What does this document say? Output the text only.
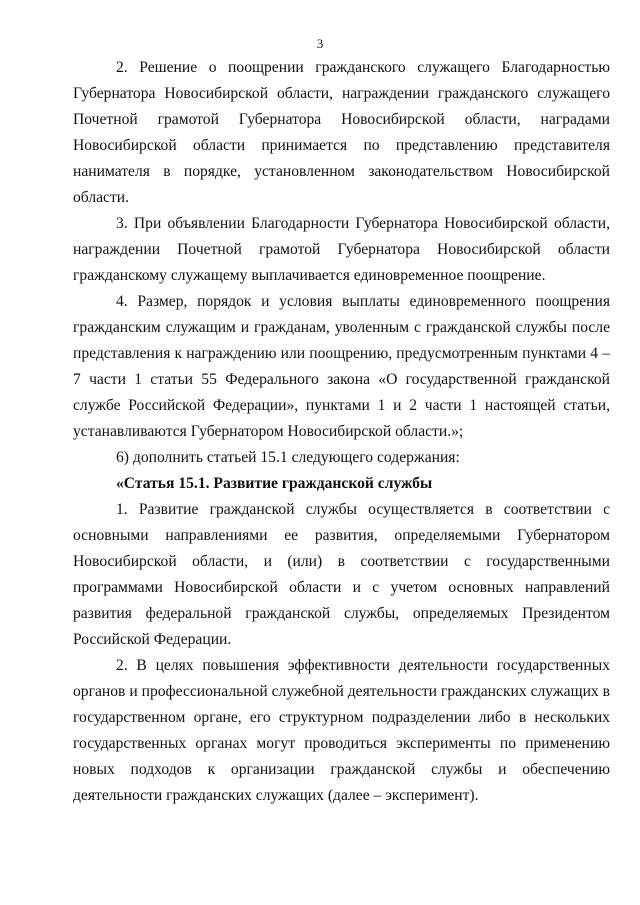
3

2. Решение о поощрении гражданского служащего Благодарностью Губернатора Новосибирской области, награждении гражданского служащего Почетной грамотой Губернатора Новосибирской области, наградами Новосибирской области принимается по представлению представителя нанимателя в порядке, установленном законодательством Новосибирской области.

3. При объявлении Благодарности Губернатора Новосибирской области, награждении Почетной грамотой Губернатора Новосибирской области гражданскому служащему выплачивается единовременное поощрение.

4. Размер, порядок и условия выплаты единовременного поощрения гражданским служащим и гражданам, уволенным с гражданской службы после представления к награждению или поощрению, предусмотренным пунктами 4 – 7 части 1 статьи 55 Федерального закона «О государственной гражданской службе Российской Федерации», пунктами 1 и 2 части 1 настоящей статьи, устанавливаются Губернатором Новосибирской области.»;

6) дополнить статьей 15.1 следующего содержания:

«Статья 15.1. Развитие гражданской службы

1. Развитие гражданской службы осуществляется в соответствии с основными направлениями ее развития, определяемыми Губернатором Новосибирской области, и (или) в соответствии с государственными программами Новосибирской области и с учетом основных направлений развития федеральной гражданской службы, определяемых Президентом Российской Федерации.

2. В целях повышения эффективности деятельности государственных органов и профессиональной служебной деятельности гражданских служащих в государственном органе, его структурном подразделении либо в нескольких государственных органах могут проводиться эксперименты по применению новых подходов к организации гражданской службы и обеспечению деятельности гражданских служащих (далее – эксперимент).
